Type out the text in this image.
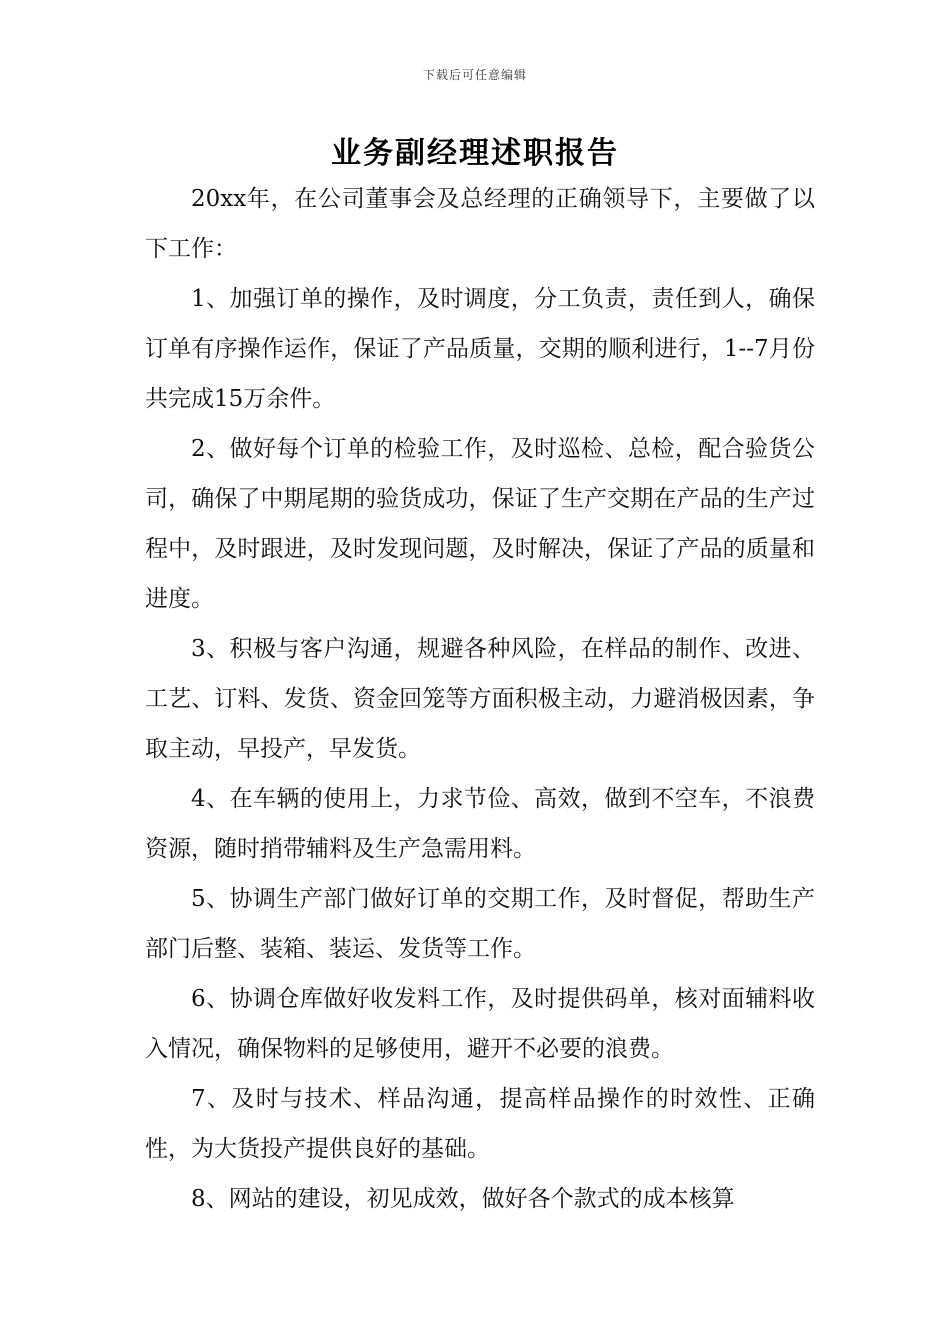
下载后可任意编辑
业务副经理述职报告

20xx年，在公司董事会及总经理的正确领导下，主要做了以下工作：

1、加强订单的操作，及时调度，分工负责，责任到人，确保订单有序操作运作，保证了产品质量，交期的顺利进行，1--7月份共完成15万余件。

2、做好每个订单的检验工作，及时巡检、总检，配合验货公司，确保了中期尾期的验货成功，保证了生产交期在产品的生产过程中，及时跟进，及时发现问题，及时解决，保证了产品的质量和进度。

3、积极与客户沟通，规避各种风险，在样品的制作、改进、工艺、订料、发货、资金回笼等方面积极主动，力避消极因素，争取主动，早投产，早发货。

4、在车辆的使用上，力求节俭、高效，做到不空车，不浪费资源，随时捎带辅料及生产急需用料。

5、协调生产部门做好订单的交期工作，及时督促，帮助生产部门后整、装箱、装运、发货等工作。

6、协调仓库做好收发料工作，及时提供码单，核对面辅料收入情况，确保物料的足够使用，避开不必要的浪费。

7、及时与技术、样品沟通，提高样品操作的时效性、正确性，为大货投产提供良好的基础。

8、网站的建设，初见成效，做好各个款式的成本核算
